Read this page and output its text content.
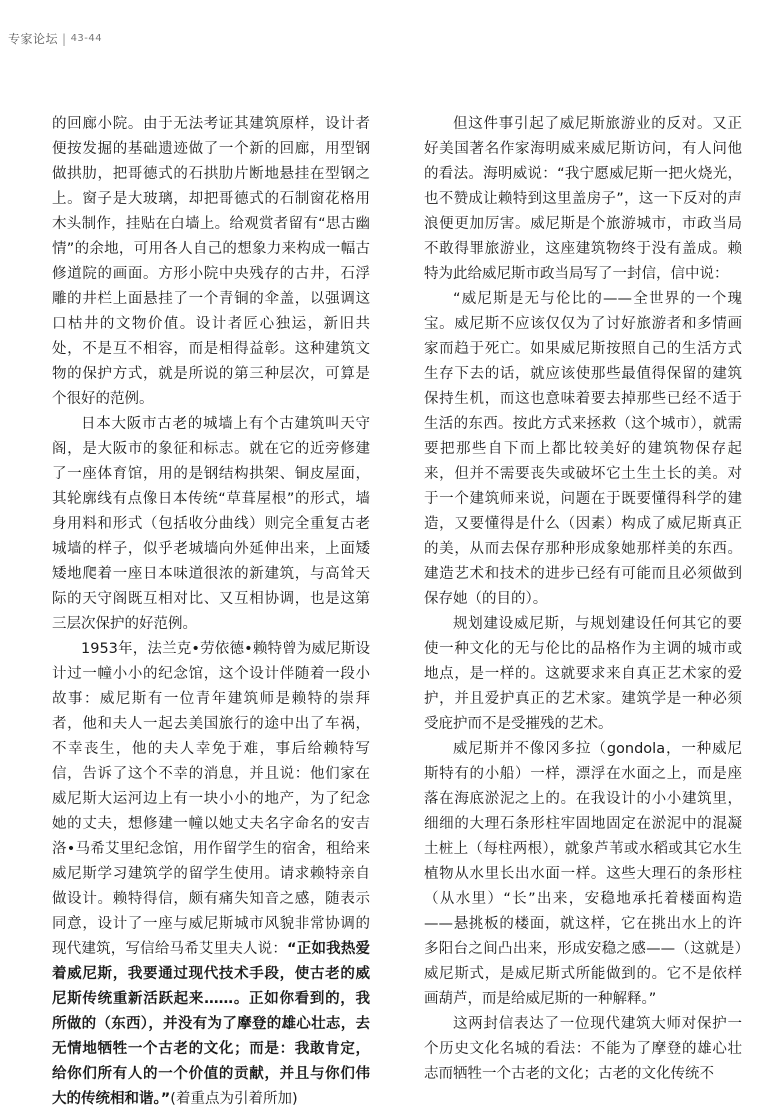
专家论坛 | 43-44

的回廊小院。由于无法考证其建筑原样，设计者便按发掘的基础遗迹做了一个新的回廊，用型钢做拱肋，把哥德式的石拱肋片断地悬挂在型钢之上。窗子是大玻璃，却把哥德式的石制窗花格用木头制作，挂贴在白墙上。给观赏者留有“思古幽情”的余地，可用各人自己的想象力来构成一幅古修道院的画面。方形小院中央残存的古井，石浮雕的井栏上面悬挂了一个青铜的伞盖，以强调这口枯井的文物价值。设计者匠心独运，新旧共处，不是互不相容，而是相得益彰。这种建筑文物的保护方式，就是所说的第三种层次，可算是个很好的范例。

日本大阪市古老的城墙上有个古建筑叫天守阁，是大阪市的象征和标志。就在它的近旁修建了一座体育馆，用的是钢结构拱架、铜皮屋面，其轮廓线有点像日本传统“草葺屋根”的形式，墙身用料和形式（包括收分曲线）则完全重复古老城墙的样子，似乎老城墙向外延伸出来，上面矮矮地爬着一座日本味道很浓的新建筑，与高耸天际的天守阁既互相对比、又互相协调，也是这第三层次保护的好范例。

1953年，法兰克•劳依德•赖特曾为威尼斯设计过一幢小小的纪念馆，这个设计伴随着一段小故事：威尼斯有一位青年建筑师是赖特的崇拜者，他和夫人一起去美国旅行的途中出了车祸，不幸丧生，他的夫人幸免于难，事后给赖特写信，告诉了这个不幸的消息，并且说：他们家在威尼斯大运河边上有一块小小的地产，为了纪念她的丈夫，想修建一幢以她丈夫名字命名的安吉洛•马希艾里纪念馆，用作留学生的宿舍，租给来威尼斯学习建筑学的留学生使用。请求赖特亲自做设计。赖特得信，颇有痛失知音之感，随表示同意，设计了一座与威尼斯城市风貌非常协调的现代建筑，写信给马希艾里夫人说：“正如我热爱着威尼斯，我要通过现代技术手段，使古老的威尼斯传统重新活跃起来……。正如你看到的，我所做的（东西），并没有为了摩登的雄心壮志，去无情地牺牲一个古老的文化；而是：我敢肯定，给你们所有人的一个价值的贡献，并且与你们伟大的传统相和谐。”(着重点为引着所加)

但这件事引起了威尼斯旅游业的反对。又正好美国著名作家海明威来威尼斯访问，有人问他的看法。海明威说：“我宁愿威尼斯一把火烧光，也不赞成让赖特到这里盖房子”，这一下反对的声浪便更加厉害。威尼斯是个旅游城市，市政当局不敢得罪旅游业，这座建筑物终于没有盖成。赖特为此给威尼斯市政当局写了一封信，信中说：

“威尼斯是无与伦比的——全世界的一个瑰宝。威尼斯不应该仅仅为了讨好旅游者和多情画家而趋于死亡。如果威尼斯按照自己的生活方式生存下去的话，就应该使那些最值得保留的建筑保持生机，而这也意味着要去掉那些已经不适于生活的东西。按此方式来拯救（这个城市），就需要把那些自下而上都比较美好的建筑物保存起来，但并不需要丧失或破坏它土生土长的美。对于一个建筑师来说，问题在于既要懂得科学的建造，又要懂得是什么（因素）构成了威尼斯真正的美，从而去保存那种形成象她那样美的东西。建造艺术和技术的进步已经有可能而且必须做到保存她（的目的）。

规划建设威尼斯，与规划建设任何其它的要使一种文化的无与伦比的品格作为主调的城市或地点，是一样的。这就要求来自真正艺术家的爱护，并且爱护真正的艺术家。建筑学是一种必须受庇护而不是受摧残的艺术。

威尼斯并不像冈多拉（gondola，一种威尼斯特有的小船）一样，漂浮在水面之上，而是座落在海底淤泥之上的。在我设计的小小建筑里，细细的大理石条形柱牢固地固定在淤泥中的混凝土桩上（每柱两根），就象芦苇或水稻或其它水生植物从水里长出水面一样。这些大理石的条形柱（从水里）“长”出来，安稳地承托着楼面构造——悬挑板的楼面，就这样，它在挑出水上的许多阳台之间凸出来，形成安稳之感——（这就是）威尼斯式，是威尼斯式所能做到的。它不是依样画葫芦，而是给威尼斯的一种解释。”

这两封信表达了一位现代建筑大师对保护一个历史文化名城的看法：不能为了摩登的雄心壮志而牺牲一个古老的文化；古老的文化传统不
